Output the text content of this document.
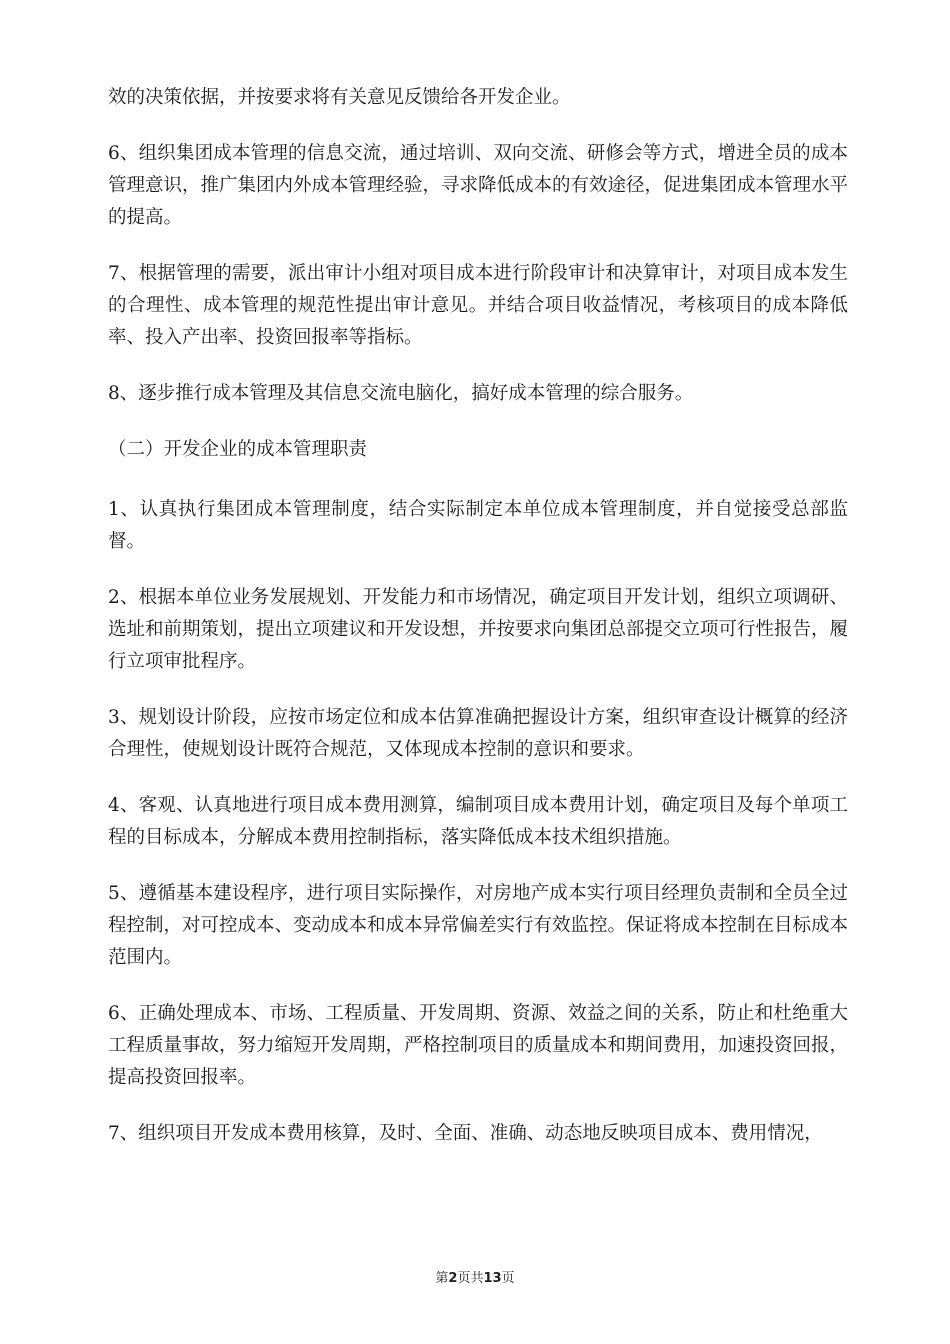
效的决策依据，并按要求将有关意见反馈给各开发企业。

6、组织集团成本管理的信息交流，通过培训、双向交流、研修会等方式，增进全员的成本管理意识，推广集团内外成本管理经验，寻求降低成本的有效途径，促进集团成本管理水平的提高。

7、根据管理的需要，派出审计小组对项目成本进行阶段审计和决算审计，对项目成本发生的合理性、成本管理的规范性提出审计意见。并结合项目收益情况，考核项目的成本降低率、投入产出率、投资回报率等指标。

8、逐步推行成本管理及其信息交流电脑化，搞好成本管理的综合服务。

（二）开发企业的成本管理职责

1、认真执行集团成本管理制度，结合实际制定本单位成本管理制度，并自觉接受总部监督。

2、根据本单位业务发展规划、开发能力和市场情况，确定项目开发计划，组织立项调研、选址和前期策划，提出立项建议和开发设想，并按要求向集团总部提交立项可行性报告，履行立项审批程序。

3、规划设计阶段，应按市场定位和成本估算准确把握设计方案，组织审查设计概算的经济合理性，使规划设计既符合规范，又体现成本控制的意识和要求。

4、客观、认真地进行项目成本费用测算，编制项目成本费用计划，确定项目及每个单项工程的目标成本，分解成本费用控制指标，落实降低成本技术组织措施。

5、遵循基本建设程序，进行项目实际操作，对房地产成本实行项目经理负责制和全员全过程控制，对可控成本、变动成本和成本异常偏差实行有效监控。保证将成本控制在目标成本范围内。

6、正确处理成本、市场、工程质量、开发周期、资源、效益之间的关系，防止和杜绝重大工程质量事故，努力缩短开发周期，严格控制项目的质量成本和期间费用，加速投资回报，提高投资回报率。

7、组织项目开发成本费用核算，及时、全面、准确、动态地反映项目成本、费用情况，

第2页共13页
